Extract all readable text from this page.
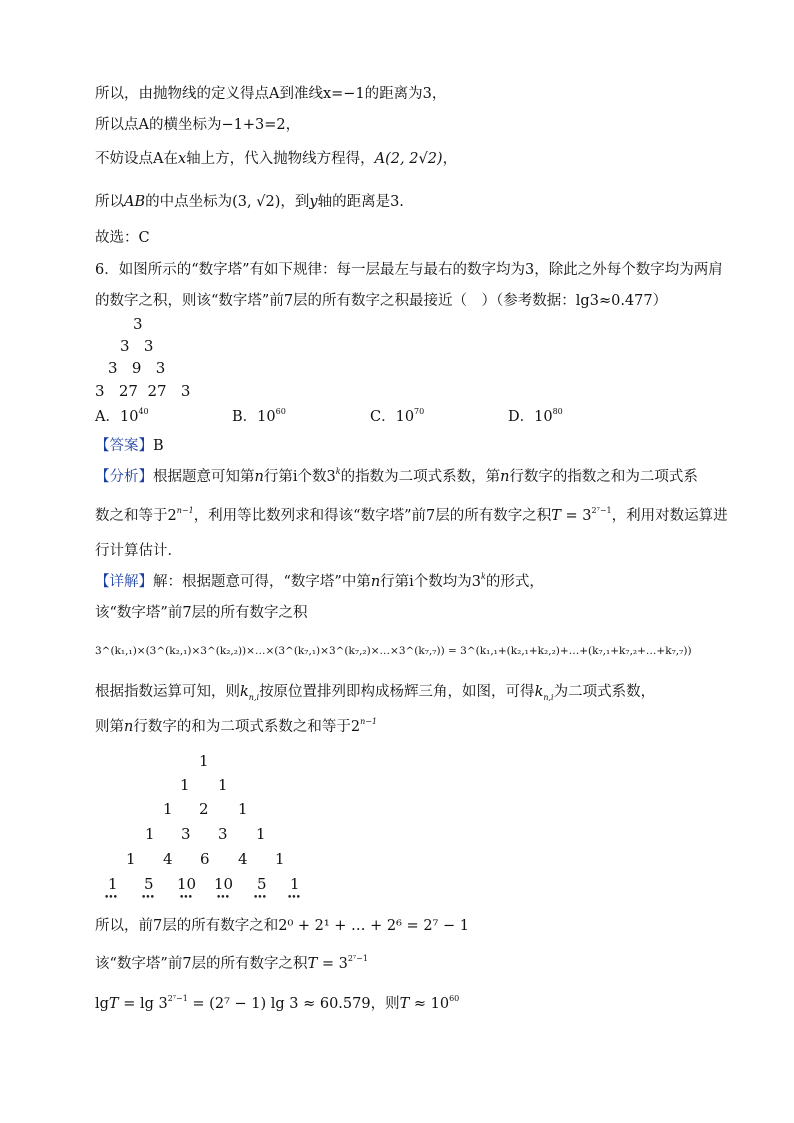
所以，由抛物线的定义得点A到准线x=−1的距离为3，
所以点A的横坐标为−1+3=2，
不妨设点A在x轴上方，代入抛物线方程得，A(2, 2√2)，
所以AB的中点坐标为(3, √2)，到y轴的距离是3.
故选：C
6．如图所示的“数字塔”有如下规律：每一层最左与最右的数字均为3，除此之外每个数字均为两肩
的数字之积，则该“数字塔”前7层的所有数字之积最接近（　）（参考数据：lg3≈0.477）
3
3   3
3   9   3
3   27  27   3
A．$10^{40}$	B．$10^{60}$	C．$10^{70}$	D．$10^{80}$
【答案】B
【分析】根据题意可知第n行第i个数3$^k$的指数为二项式系数，第n行数字的指数之和为二项式系
数之和等于$2^{n-1}$，利用等比数列求和得该“数字塔”前7层的所有数字之积$T = 3^{2^7-1}$，利用对数运算进
行计算估计．
【详解】解：根据题意可得，“数字塔”中第n行第i个数均为3$^k$的形式，
该“数字塔”前7层的所有数字之积
3^(k₁,₁)×(3^(k₂,₁)×3^(k₂,₂))×…×(3^(k₇,₁)×3^(k₇,₂)×…×3^(k₇,₇)) = 3^(k₁,₁+(k₂,₁+k₂,₂)+…+(k₇,₁+k₇,₂+…+k₇,₇))
根据指数运算可知，则$k_{n,i}$按原位置排列即构成杨辉三角，如图，可得$k_{n,i}$为二项式系数，
则第n行数字的和为二项式系数之和等于$2^{n-1}$
1
1 1
1 2 1
1 3 3 1
1 4 6 4 1
1 5 10 10 5 1
•••	•••	•••	•••	••• •••
所以，前7层的所有数字之和2⁰ + 2¹ + … + 2⁶ = 2⁷ − 1
该“数字塔”前7层的所有数字之积$T = 3^{2^7-1}$
$\lg T = \lg 3^{2^7-1} = (2^7 - 1)$ lg 3 ≈ 60.579，则$T \approx 10^{60}$
